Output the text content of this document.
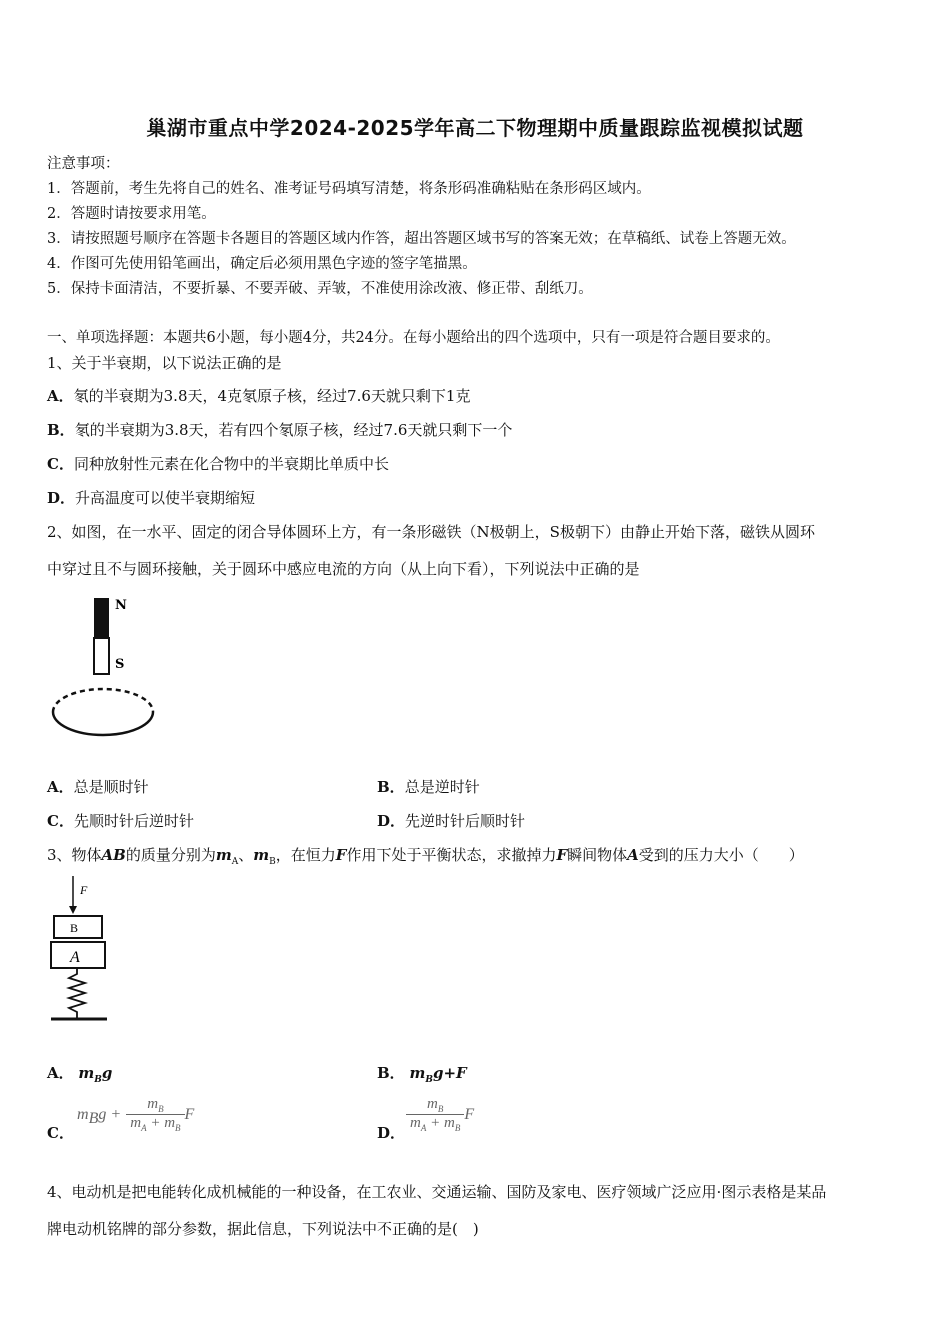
巢湖市重点中学2024-2025学年高二下物理期中质量跟踪监视模拟试题
注意事项：
1．答题前，考生先将自己的姓名、准考证号码填写清楚，将条形码准确粘贴在条形码区域内。
2．答题时请按要求用笔。
3．请按照题号顺序在答题卡各题目的答题区域内作答，超出答题区域书写的答案无效；在草稿纸、试卷上答题无效。
4．作图可先使用铅笔画出，确定后必须用黑色字迹的签字笔描黑。
5．保持卡面清洁，不要折暴、不要弄破、弄皱，不准使用涂改液、修正带、刮纸刀。
一、单项选择题：本题共6小题，每小题4分，共24分。在每小题给出的四个选项中，只有一项是符合题目要求的。
1、关于半衰期，以下说法正确的是
A．氡的半衰期为3.8天，4克氡原子核，经过7.6天就只剩下1克
B．氡的半衰期为3.8天，若有四个氡原子核，经过7.6天就只剩下一个
C．同种放射性元素在化合物中的半衰期比单质中长
D．升高温度可以使半衰期缩短
2、如图，在一水平、固定的闭合导体圆环上方，有一条形磁铁（N极朝上，S极朝下）由静止开始下落，磁铁从圆环
中穿过且不与圆环接触，关于圆环中感应电流的方向（从上向下看），下列说法中正确的是
N
S
A．总是顺时针	B．总是逆时针
C．先顺时针后逆时针	D．先逆时针后顺时针
3、物体AB的质量分别为$m_A$、$m_B$，在恒力F作用下处于平衡状态，求撤掉力F瞬间物体A受到的压力大小（　　）
F
B
A
A． $m_Bg$	B． $m_Bg+F$
C．
$m_Bg + \frac{m_B}{m_A + m_B}$ F
D． $\frac{m_B}{m_A + m_B}$ F
4、电动机是把电能转化成机械能的一种设备，在工农业、交通运输、国防及家电、医疗领域广泛应用·图示表格是某品
牌电动机铭牌的部分参数，据此信息，下列说法中不正确的是(　)
